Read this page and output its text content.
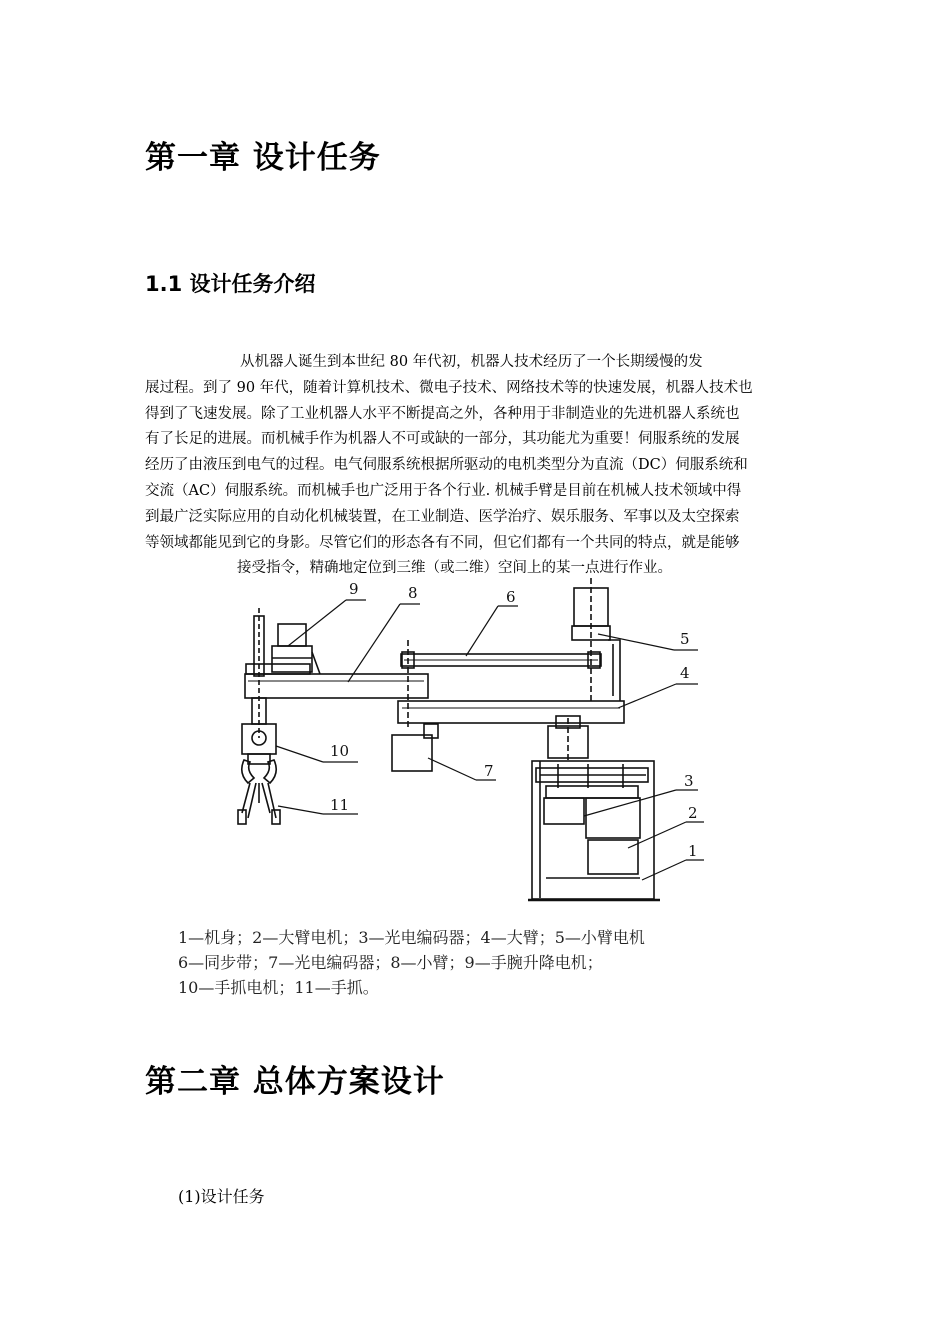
第一章 设计任务
1.1 设计任务介绍
从机器人诞生到本世纪 80 年代初，机器人技术经历了一个长期缓慢的发
展过程。到了 90 年代，随着计算机技术、微电子技术、网络技术等的快速发展，机器人技术也
得到了飞速发展。除了工业机器人水平不断提高之外，各种用于非制造业的先进机器人系统也
有了长足的进展。而机械手作为机器人不可或缺的一部分，其功能尤为重要！伺服系统的发展
经历了由液压到电气的过程。电气伺服系统根据所驱动的电机类型分为直流（DC）伺服系统和
交流（AC）伺服系统。而机械手也广泛用于各个行业. 机械手臂是目前在机械人技术领域中得
到最广泛实际应用的自动化机械装置，在工业制造、医学治疗、娱乐服务、军事以及太空探索
等领域都能见到它的身影。尽管它们的形态各有不同，但它们都有一个共同的特点，就是能够
接受指令，精确地定位到三维（或二维）空间上的某一点进行作业。
9	8	6
5
4
10
7
3
2
1
11
1—机身；2—大臂电机；3—光电编码器；4—大臂；5—小臂电机
6—同步带；7—光电编码器；8—小臂；9—手腕升降电机；
10—手抓电机；11—手抓。
第二章 总体方案设计
(1)设计任务
